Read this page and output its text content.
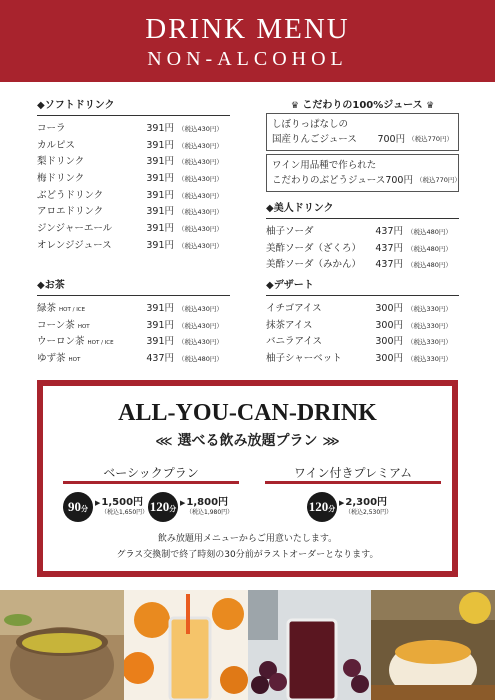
DRINK MENU
NON-ALCOHOL
◆ソフトドリンク
コーラ	391円 （税込430円）
カルピス	391円 （税込430円）
梨ドリンク	391円 （税込430円）
梅ドリンク	391円 （税込430円）
ぶどうドリンク	391円 （税込430円）
アロエドリンク	391円 （税込430円）
ジンジャーエール	391円 （税込430円）
オレンジジュース	391円 （税込430円）
◆お茶
緑茶 HOT / ICE	391円 （税込430円）
コーン茶 HOT	391円 （税込430円）
ウーロン茶 HOT / ICE	391円 （税込430円）
ゆず茶 HOT	437円 （税込480円）
♛ こだわりの100%ジュース ♛
しぼりっぱなしの
国産りんごジュース 700円 （税込770円）
ワイン用品種で作られた
こだわりのぶどうジュース 700円 （税込770円）
◆美人ドリンク
柚子ソーダ	437円 （税込480円）
美酢ソーダ（ざくろ） 437円 （税込480円）
美酢ソーダ（みかん） 437円 （税込480円）
◆デザート
イチゴアイス	300円 （税込330円）
抹茶アイス	300円 （税込330円）
バニラアイス	300円 （税込330円）
柚子シャーベット	300円 （税込330円）
ALL-YOU-CAN-DRINK
⋘ 選べる飲み放題プラン ⋙
ベーシックプラン	ワイン付きプレミアム
90分
▶1,500円
（税込1,650円） 120分
▶1,800円
（税込1,980円）	120分
▶2,300円
（税込2,530円）
飲み放題用メニューからご用意いたします。
グラス交換制で終了時刻の30分前がラストオーダーとなります。
